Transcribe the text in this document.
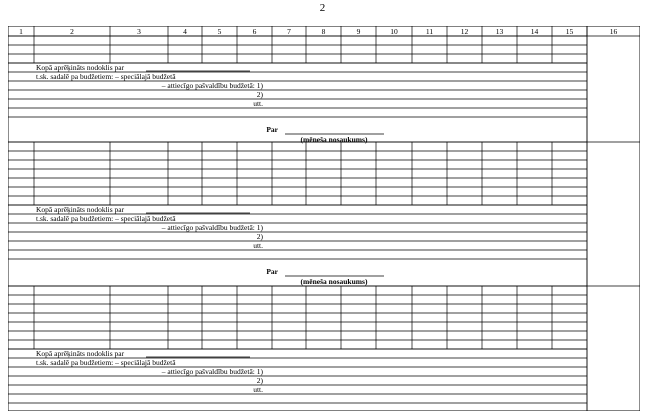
2
1	2	3	4	5	6	7	8	9	10	11	12	13	14	15	16
Kopā aprēķināts nodoklis par
t.sk. sadalē pa budžetiem: – speciālajā budžetā
– attiecīgo pašvaldību budžetā: 1)
2)
utt.
Par
(mēneša nosaukums)
Kopā aprēķināts nodoklis par
t.sk. sadalē pa budžetiem: – speciālajā budžetā
– attiecīgo pašvaldību budžetā: 1)
2)
utt.
Par
(mēneša nosaukums)
Kopā aprēķināts nodoklis par
t.sk. sadalē pa budžetiem: – speciālajā budžetā
– attiecīgo pašvaldību budžetā: 1)
2)
utt.
